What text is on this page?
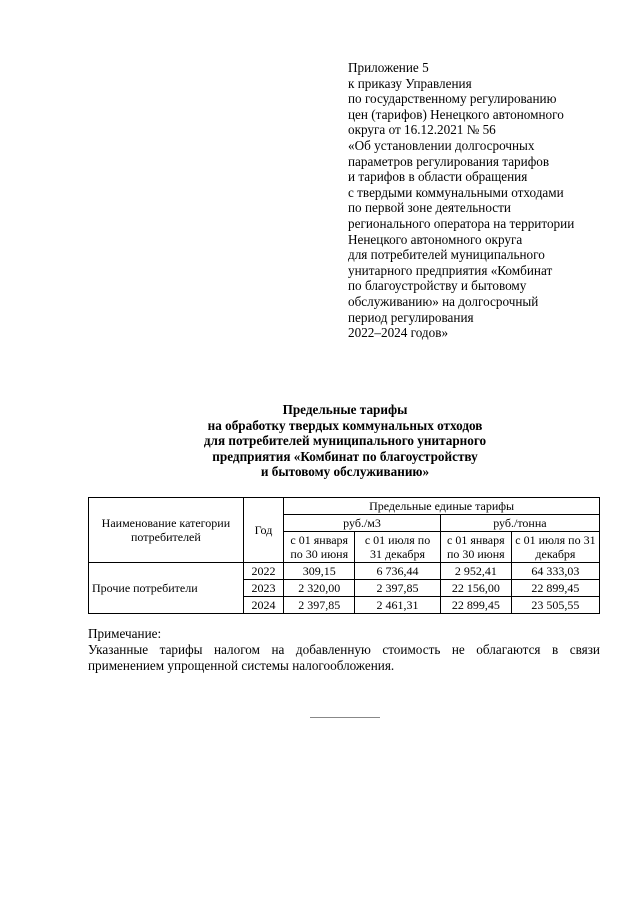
Приложение 5
к приказу Управления
по государственному регулированию
цен (тарифов) Ненецкого автономного
округа от 16.12.2021 № 56
«Об установлении долгосрочных
параметров регулирования тарифов
и тарифов в области обращения
с твердыми коммунальными отходами
по первой зоне деятельности
регионального оператора на территории
Ненецкого автономного округа
для потребителей муниципального
унитарного предприятия «Комбинат
по благоустройству и бытовому
обслуживанию» на долгосрочный
период регулирования
2022–2024 годов»
Предельные тарифы
на обработку твердых коммунальных отходов
для потребителей муниципального унитарного
предприятия «Комбинат по благоустройству
и бытовому обслуживанию»
Наименование категории потребителей	Год	Предельные единые тарифы			
		руб./м3		руб./тонна	
		с 01 января по 30 июня	с 01 июля по 31 декабря	с 01 января по 30 июня	с 01 июля по 31 декабря
Прочие потребители	2022	309,15	6 736,44	2 952,41	64 333,03
	2023	2 320,00	2 397,85	22 156,00	22 899,45
	2024	2 397,85	2 461,31	22 899,45	23 505,55
Примечание:
Указанные тарифы налогом на добавленную стоимость не облагаются в связи
применением упрощенной системы налогообложения.
